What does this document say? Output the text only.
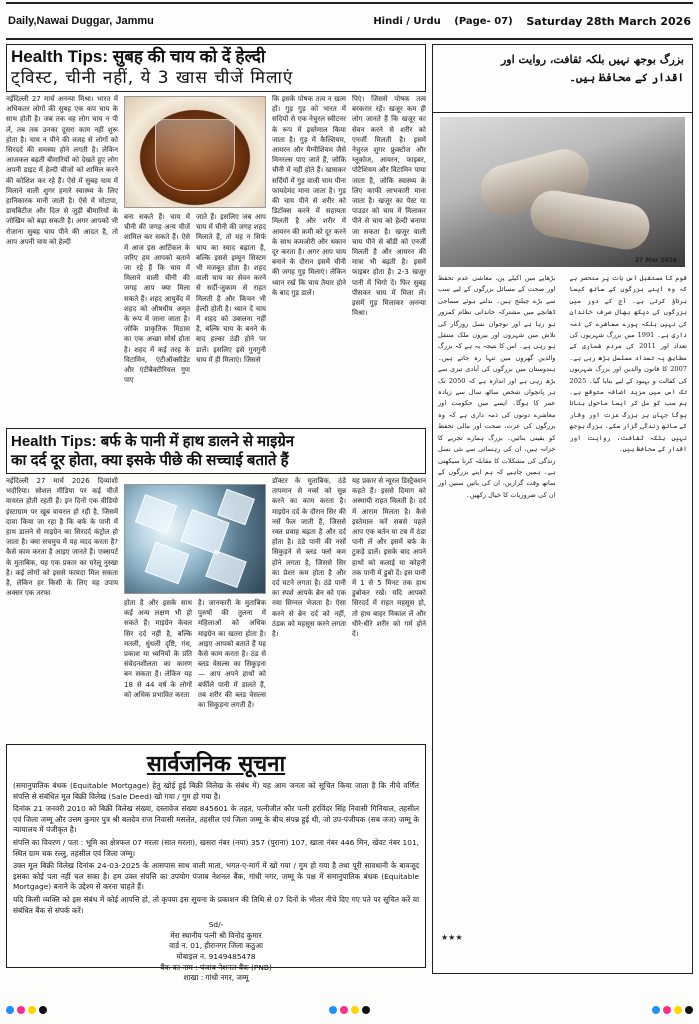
Daily,Nawai Duggar, Jammu	Hindi / Urdu (Page- 07)	Saturday 28th March 2026
Health Tips: सुबह की चाय को दें हेल्दी
ट्विस्ट, चीनी नहीं, ये 3 खास चीजें मिलाएं
नईदिल्ली 27 मार्च अनन्या मिश्रा। भारत में अधिकतर लोगों की सुबह एक कप चाय के साथ होती है। जब तक वह लोग चाय न पी लें, तब तक उनका दूसरा काम नहीं शुरू होता है। चाय न पीने की वजह से लोगों को सिरदर्द की समस्या होने लगती है। लेकिन आजकल बढ़ती बीमारियों को देखते हुए लोग अपनी डाइट में हेल्दी चीजों को शामिल करने की कोशिश कर रहे हैं। ऐसे में सुबह चाय में मिलाने वाली शुगर हमारे स्वास्थ्य के लिए हानिकारक मानी जाती है। ऐसे में मोटापा, डायबिटीज और दिल से जुड़ी बीमारियों के जोखिम को बढ़ा सकती है। अगर आपको भी रोजाना सुबह चाय पीने की आदत है, तो आप अपनी चाय को हेल्दी
बना सकते हैं। चाय में चीनी की जगह अन्य चीजें शामिल कर सकते हैं। ऐसे में आज इस आर्टिकल के जरिए हम आपको बताने जा रहे हैं कि चाय में मिलाने वाली चीनी की जगह आप क्या मिला सकते हैं। शहद आयुर्वेद में शहद को औषधीय अमृत के रूप में जाना जाता है। जोकि प्राकृतिक मिठास का एक अच्छा सोर्स होता है। शहद में कई तरह के विटामिन, एंटीऑक्सीडेंट और एंटीबैक्टीरियल गुण पाए
जाते हैं। इसलिए जब आप चाय में चीनी की जगह शहद मिलाते हैं, तो यह न सिर्फ चाय का स्वाद बढ़ाता है, बल्कि इससे इम्यून सिस्टम भी मजबूत होता है। शहद वाली चाय का सेवन करने से सर्दी-जुकाम से राहत मिलती है और किचन भी हेल्दी होती है। ध्यान दें चाय में शहद को उबालना नहीं है, बल्कि चाय के बनने के बाद हल्का ठंडी होने पर डालें। इसलिए इसे गुनगुनी चाय में ही मिलाएं। जिससे
कि इसके पोषक तत्व न खत्म हों। गुड़ गुड़ को भारत में सदियों से एक नेचुरल स्वीटनर के रूप में इस्तेमाल किया जाता है। गुड़ में कैल्शियम, आयरन और मैग्नीशियम जैसे मिनरल्स पाए जाते हैं, जोकि चीनी में नहीं होते हैं। खासकर सर्दियों में गुड़ वाली चाय पीना फायदेमंद माना जाता है। गुड़ की चाय पीने से शरीर को डिटॉक्स करने में सहायता मिलती है और शरीर में आयरन की कमी को दूर करने के साथ कमजोरी और थकान दूर करता है। अगर आप चाय बनाने के दौरान इसमें चीनी की जगह गुड़ मिलाएं। लेकिन ध्यान रखें कि चाय तैयार होने के बाद गुड़ डालें।
पिएं। जिससे पोषक तत्व बरकरार रहें। खजूर कम ही लोग जानते हैं कि खजूर का सेवन करने से शरीर को एनर्जी मिलती है। इसमें नेचुरल शुगर फ्रुक्टोज और ग्लूकोज, आयरन, फाइबर, पोटैशियम और विटामिन पाया जाता है, जोकि स्वास्थ्य के लिए काफी लाभकारी माना जाता है। खजूर का पेस्ट या पाउडर को चाय में मिलाकर पीने से चाय को हेल्दी बनाया जा सकता है। खजूर वाली चाय पीने से बॉडी को एनर्जी मिलती है और आयरन की मात्रा भी बढ़ती है। इसमें फाइबर होता है। 2-3 खजूर पानी में भिगो दें। फिर सुबह पीसकर चाय में मिला लें। इसमें गुड़ मिलाकर अनन्या मिश्रा।
Health Tips: बर्फ के पानी में हाथ डालने से माइग्रेन
का दर्द दूर होता, क्या इसके पीछे की सच्चाई बताते हैं
नईदिल्ली 27 मार्च 2026 दिव्यांशी भदौरिया। सोशल मीडिया पर कई चीजें वायरल होती रहती हैं। इन दिनों एक वीडियो इंस्टाग्राम पर खूब वायरल हो रही है, जिसमें दावा किया जा रहा है कि बर्फ के पानी में हाथ डालने से माइग्रेन का सिरदर्द कंट्रोल हो जाता है। क्या सचमुच में यह मदद करता है? कैसे काम करता है आइए जानते हैं। एक्सपर्ट के मुताबिक, यह एक प्रकार का घरेलू नुस्खा है। कई लोगों को इससे फायदा मिल सकता है, लेकिन हर किसी के लिए यह उपाय अक्सर एक तरफा
होता है और इसके साथ कई अन्य लक्षण भी हो सकते हैं। माइग्रेन केवल सिर दर्द नहीं है, बल्कि मतली, धुंधली दृष्टि, गंध, प्रकाश या ध्वनियों के प्रति संवेदनशीलता का कारण बन सकता है। लेकिन यह 18 से 44 वर्ष के लोगों को अधिक प्रभावित करता
है। जानकारी के मुताबिक पुरुषों की तुलना में महिलाओं को अधिक माइग्रेन का खतरा होता है। आइए आपको बताते हैं यह कैसे काम करता है। ठंड से ब्लड वेसल्स का सिकुड़ना — आप अपने हाथों को बर्फीले पानी में डालते हैं, तब शरीर की ब्लड वेसल्स का सिकुड़ना लगती हैं।
डॉक्टर के मुताबिक, ठंडे तापमान से नर्व्स को सुन्न करने का काम करता है। माइग्रेन दर्द के दौरान सिर की नसें फैल जाती हैं, जिससे रक्त प्रवाह बढ़ता है और दर्द होता है। ठंडे पानी की नसों सिकुड़ने से ब्लड फ्लो कम होने लगता है, जिससे सिर का प्रेशर कम होता है और दर्द घटने लगता है। ठंडे पानी का स्पर्श आपके ब्रेन को एक नया सिग्नल भेजता है। ऐसा करने से ब्रेन दर्द को नहीं, ठंडक को महसूस करने लगता है।
यह प्रकार से न्यूरल डिस्ट्रैक्शन कहते हैं। इससे दिमाग को अस्थायी राहत मिलती है। दर्द में आराम मिलता है। कैसे इस्तेमाल करें सबसे पहले आप एक बर्तन या टब में ठंडा पानी लें और इसमें बर्फ के टुकड़े डालें। इसके बाद अपने हाथों को कलाई या कोहनी तक पानी में डुबो दें। इस पानी में 1 से 5 मिनट तक हाथ डुबोकर रखें। यदि आपको सिरदर्द में राहत महसूस हो, तो हाथ बाहर निकाल लें और धीरे-धीरे शरीर को गर्म होने दें।
सार्वजनिक सूचना

(समानुपातिक बंधक (Equitable Mortgage) हेतु खोई हुई बिक्री विलेख के संबंध में) यह आम जनता को सूचित किया जाता है कि नीचे वर्णित संपत्ति से संबंधित मूल बिक्री विलेख (Sale Deed) खो गया / गुम हो गया है।

दिनांक 21 जनवरी 2010 को बिक्री विलेख संख्या, दस्तावेज संख्या 845601 के तहत, पत्नीजीत कौर पत्नी हरविंदर सिंह निवासी गिनियाल, तहसील एवं जिला जम्मू और उत्तम कुमार पुत्र श्री बलदेव राज निवासी मसलेत, तहसील एवं जिला जम्मू के बीच संपन्न हुई थी, जो उप-पंजीयक (सब जज) जम्मू के न्यायालय में पंजीकृत है।

संपत्ति का विवरण / पता : भूमि का क्षेत्रफल 07 मरला (सात मरला), खसरा नंबर (नया) 357 (पुराना) 107, खाता नंबर 446 मिन, खेवट नंबर 101, स्थित ग्राम चक रल्लु, तहसील एवं जिला जम्मू।

उक्त मूल बिक्री विलेख दिनांक 24-03-2025 के आसपास साथ वाली माता, भगत-ए-मार्ग में खो गया / गुम हो गया है तथा पूरी सावधानी के बावजूद इसका कोई पता नहीं चल सका है। हम उक्त संपत्ति का उपयोग पंजाब नेशनल बैंक, गांधी नगर, जम्मू के पक्ष में समानुपातिक बंधक (Equitable Mortgage) बनाने के उद्देश्य से करना चाहते हैं।

यदि किसी व्यक्ति को इस संबंध में कोई आपत्ति हो, तो कृपया इस सूचना के प्रकाशन की तिथि से 07 दिनों के भीतर नीचे दिए गए पते पर सूचित करें या संबंधित बैंक से संपर्क करें।

Sd/-
मेरा स्थानीय पत्नी श्री विनोद कुमार
वार्ड न. 01, हीरानगर जिला कठुआ
मोबाइल न. 9149485478
बैंक का नाम : पंजाब नेशनल बैंक (PNB)
शाखा : गांधी नगर, जम्मू
بزرگ بوجھ نہیں بلکہ ثقافت، روایت اور
اقدار کے محافظ ہیں۔
27 Mar 2026
بڑھاپے میں اکیلے پن، معاشی عدم تحفظ اور صحت کے مسائل بزرگوں کے لیے سب سے بڑے چیلنج ہیں۔ بدلتے ہوئے سماجی ڈھانچے میں مشترکہ خاندانی نظام کمزور ہو رہا ہے اور نوجوان نسل روزگار کی تلاش میں شہروں اور بیرون ملک منتقل ہو رہی ہے۔ اس کا نتیجہ یہ ہے کہ بزرگ والدین گھروں میں تنہا رہ جاتے ہیں۔ ہندوستان میں بزرگوں کی آبادی تیزی سے بڑھ رہی ہے اور اندازہ ہے کہ 2050 تک ہر پانچواں شخص ساٹھ سال سے زیادہ عمر کا ہوگا۔ ایسے میں حکومت اور معاشرے دونوں کی ذمہ داری ہے کہ وہ بزرگوں کی عزت، صحت اور مالی تحفظ کو یقینی بنائیں۔ بزرگ ہمارے تجربے کا خزانہ ہیں، ان کی رہنمائی سے نئی نسل زندگی کی مشکلات کا مقابلہ کرنا سیکھتی ہے۔ ہمیں چاہیے کہ ہم اپنے بزرگوں کے ساتھ وقت گزاریں، ان کی باتیں سنیں اور ان کی ضروریات کا خیال رکھیں۔
قوم کا مستقبل اس بات پر منحصر ہے کہ وہ اپنے بزرگوں کے ساتھ کیسا برتاؤ کرتی ہے۔ آج کے دور میں بزرگوں کی دیکھ بھال صرف خاندان کی نہیں بلکہ پورے معاشرے کی ذمہ داری ہے۔ 1991 میں بزرگ شہریوں کی تعداد اور 2011 کی مردم شماری کے مطابق یہ تعداد مسلسل بڑھ رہی ہے۔ 2007 کا قانون والدین اور بزرگ شہریوں کی کفالت و بہبود کے لیے بنایا گیا۔ 2025 تک اس میں مزید اضافہ متوقع ہے۔ ہم سب کو مل کر ایسا ماحول بنانا ہوگا جہاں ہر بزرگ عزت اور وقار کے ساتھ زندگی گزار سکے۔ بزرگ بوجھ نہیں بلکہ ثقافت، روایت اور اقدار کے محافظ ہیں۔
★★★
